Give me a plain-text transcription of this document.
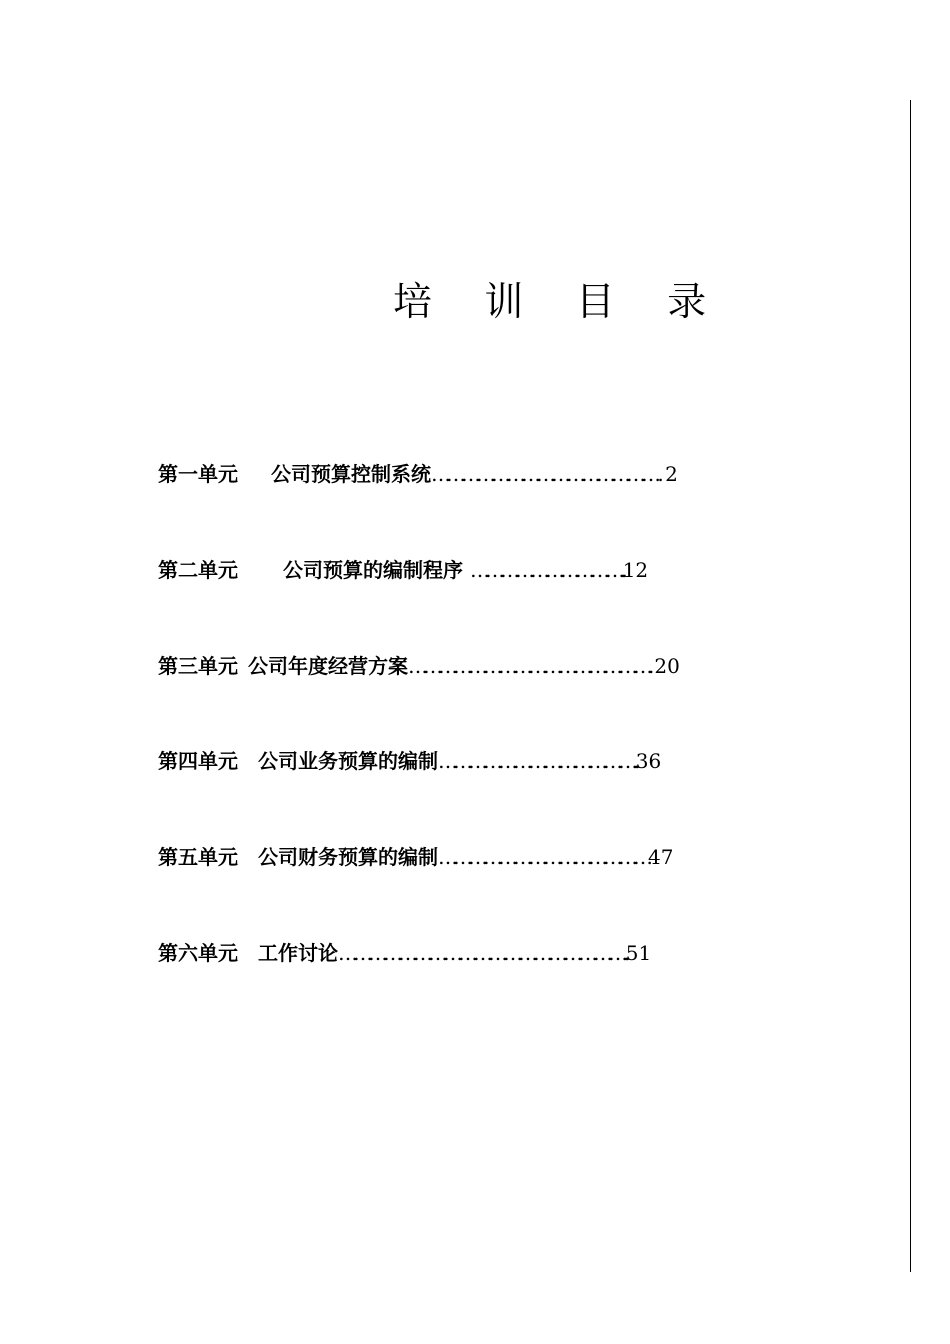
培 训 目 录
第一单元 公司预算控制系统……………………………………… . 2
第二单元 公司预算的编制程序 …………………………..12
第三单元 公司年度经营方案………………………………………….20
第四单元 公司业务预算的编制…………………………………..36
第五单元 公司财务预算的编制……………………………………47
第六单元 工作讨论…………………………………………………..51
